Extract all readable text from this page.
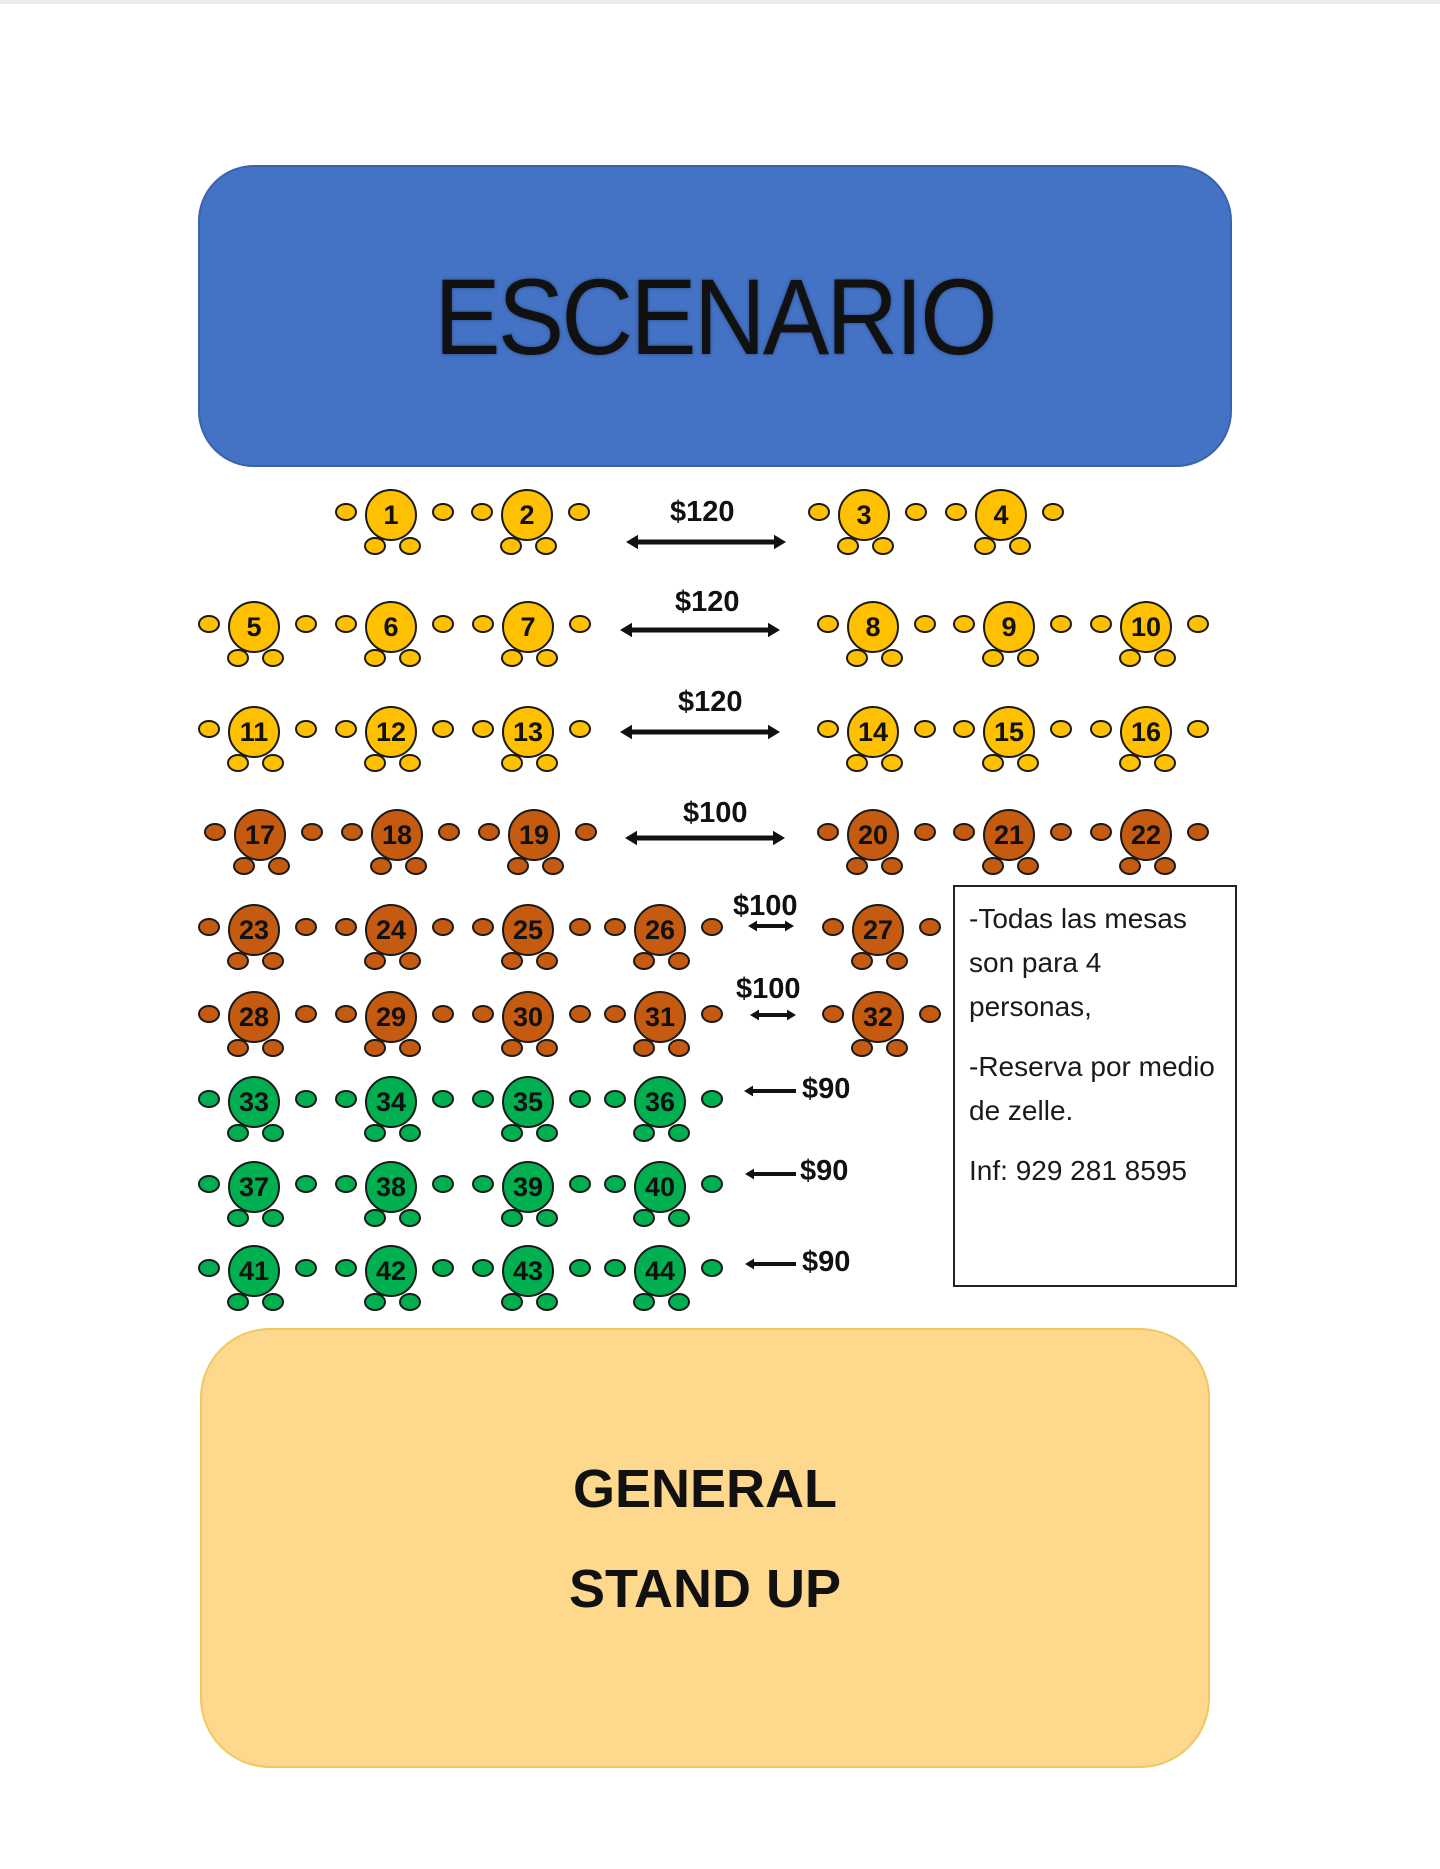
ESCENARIO
1	2	3	4
5	6	7	8	9	10
11	12	13	14	15	16
17	18	19	20	21	22
23	24	25	26	27
28	29	30	31	32
33	34	35	36
37	38	39	40
41	42	43	44
$120
$120
$120
$100
$100
$100
$90
$90
$90

-Todas las mesas son para 4 personas,

-Reserva por medio de zelle.

Inf: 929 281 8595

GENERAL
STAND UP
